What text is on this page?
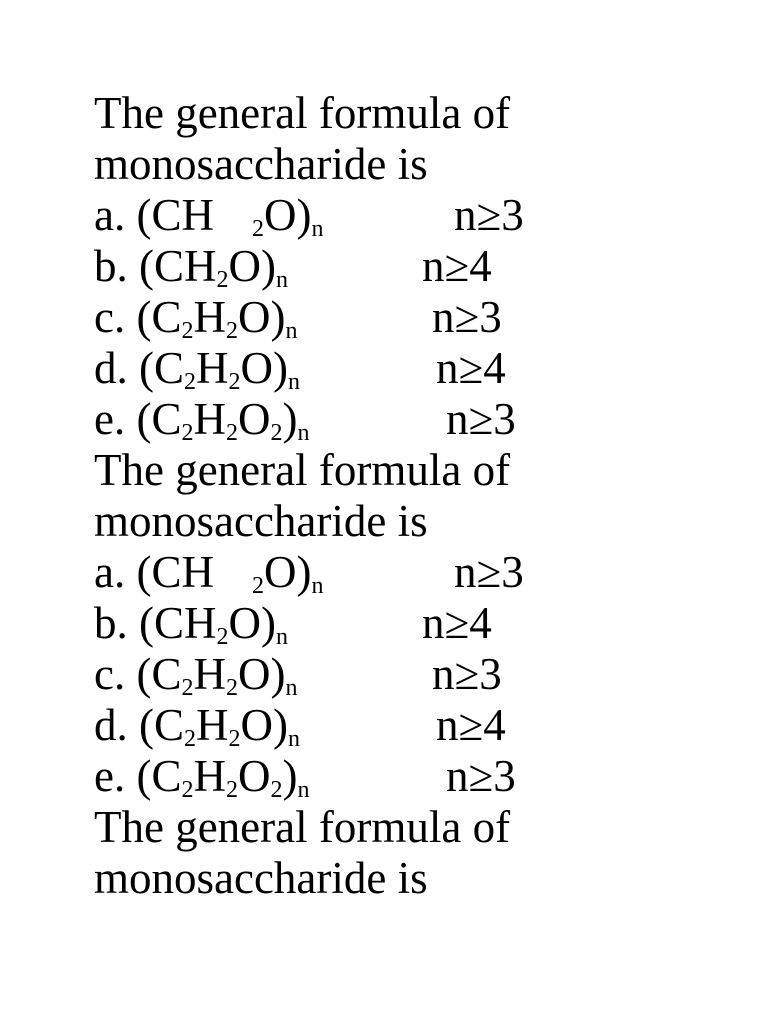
The general formula of
monosaccharide is
a. (CH $_2O)_n$	n≥3
b. $(CH_2O)_n$	n≥4
c. $(C_2H_2O)_n$	n≥3
d. $(C_2H_2O)_n$	n≥4
e. $(C_2H_2O_2)_n$	n≥3
The general formula of
monosaccharide is
a. (CH $_2O)_n$	n≥3
b. $(CH_2O)_n$	n≥4
c. $(C_2H_2O)_n$	n≥3
d. $(C_2H_2O)_n$	n≥4
e. $(C_2H_2O_2)_n$	n≥3
The general formula of
monosaccharide is
